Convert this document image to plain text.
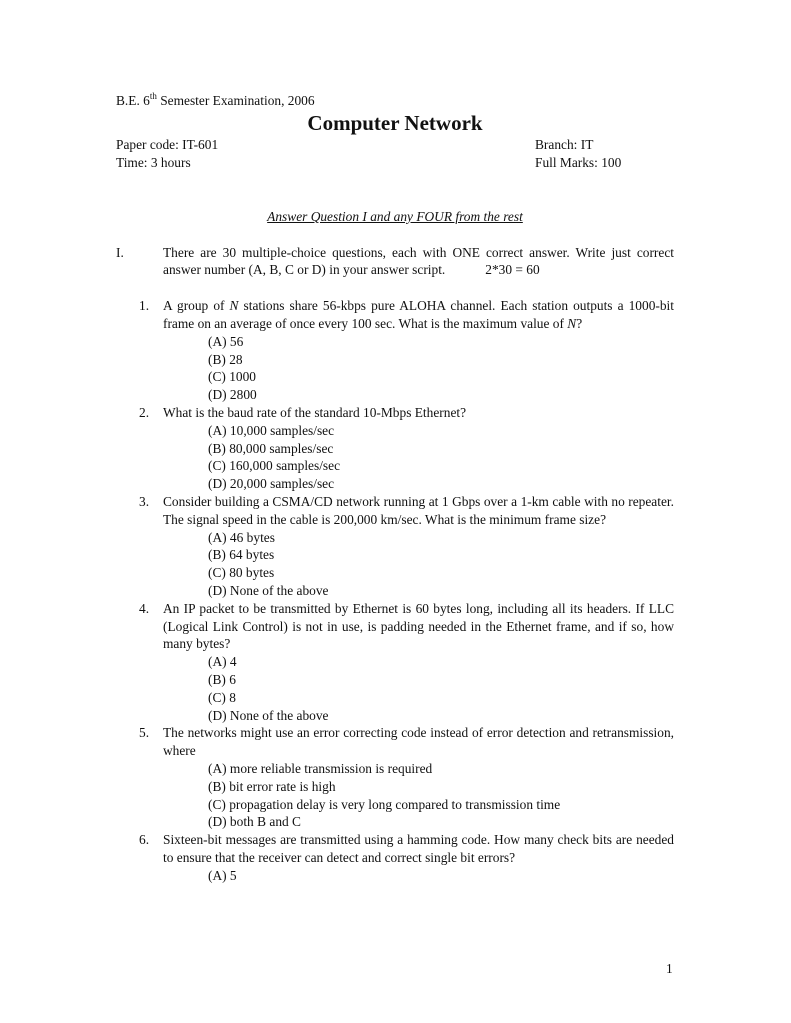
B.E. 6th Semester Examination, 2006

Computer Network
Paper code: IT-601	Branch: IT
Time: 3 hours	Full Marks: 100
Answer Question I and any FOUR from the rest
I.	There are 30 multiple-choice questions, each with ONE correct answer. Write just correct answer number (A, B, C or D) in your answer script.	2*30 = 60
1. A group of N stations share 56-kbps pure ALOHA channel. Each station outputs a 1000-bit frame on an average of once every 100 sec. What is the maximum value of N?
(A) 56
(B) 28
(C) 1000
(D) 2800
2. What is the baud rate of the standard 10-Mbps Ethernet?
(A) 10,000 samples/sec
(B) 80,000 samples/sec
(C) 160,000 samples/sec
(D) 20,000 samples/sec
3. Consider building a CSMA/CD network running at 1 Gbps over a 1-km cable with no repeater. The signal speed in the cable is 200,000 km/sec. What is the minimum frame size?
(A) 46 bytes
(B) 64 bytes
(C) 80 bytes
(D) None of the above
4. An IP packet to be transmitted by Ethernet is 60 bytes long, including all its headers. If LLC (Logical Link Control) is not in use, is padding needed in the Ethernet frame, and if so, how many bytes?
(A) 4
(B) 6
(C) 8
(D) None of the above
5. The networks might use an error correcting code instead of error detection and retransmission, where
(A) more reliable transmission is required
(B) bit error rate is high
(C) propagation delay is very long compared to transmission time
(D) both B and C
6. Sixteen-bit messages are transmitted using a hamming code. How many check bits are needed to ensure that the receiver can detect and correct single bit errors?
(A) 5
1
